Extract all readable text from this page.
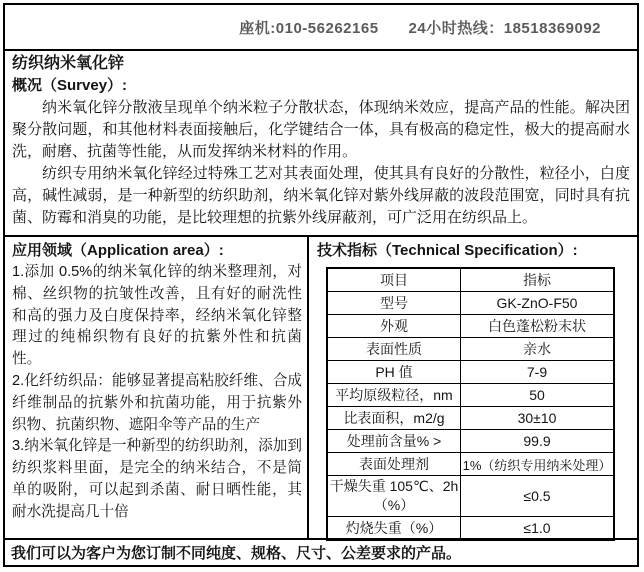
座机:010-56262165 24小时热线：18518369092
纺织纳米氧化锌
概况（Survey）:

纳米氧化锌分散液呈现单个纳米粒子分散状态，体现纳米效应，提高产品的性能。解决团聚分散问题，和其他材料表面接触后，化学键结合一体，具有极高的稳定性，极大的提高耐水洗，耐磨、抗菌等性能，从而发挥纳米材料的作用。

纺织专用纳米氧化锌经过特殊工艺对其表面处理，使其具有良好的分散性，粒径小，白度高，碱性减弱，是一种新型的纺织助剂，纳米氧化锌对紫外线屏蔽的波段范围宽，同时具有抗菌、防霉和消臭的功能，是比较理想的抗紫外线屏蔽剂，可广泛用在纺织品上。

应用领域（Application area）:

1.添加 0.5%的纳米氧化锌的纳米整理剂，对棉、丝织物的抗皱性改善，且有好的耐洗性和高的强力及白度保持率，经纳米氧化锌整理过的纯棉织物有良好的抗紫外性和抗菌性。

2.化纤纺织品：能够显著提高粘胶纤维、合成纤维制品的抗紫外和抗菌功能，用于抗紫外织物、抗菌织物、遮阳伞等产品的生产

3.纳米氧化锌是一种新型的纺织助剂，添加到纺织浆料里面，是完全的纳米结合，不是简单的吸附，可以起到杀菌、耐日晒性能，其耐水洗提高几十倍

技术指标（Technical Specification）:
项目	指标
型号	GK-ZnO-F50
外观	白色蓬松粉末状
表面性质	亲水
PH 值	7-9
平均原级粒径，nm	50
比表面积，m2/g	30±10
处理前含量% >	99.9
表面处理剂	1%（纺织专用纳米处理）
干燥失重 105℃、2h（%）	≤0.5
灼烧失重（%）	≤1.0
我们可以为客户为您订制不同纯度、规格、尺寸、公差要求的产品。
